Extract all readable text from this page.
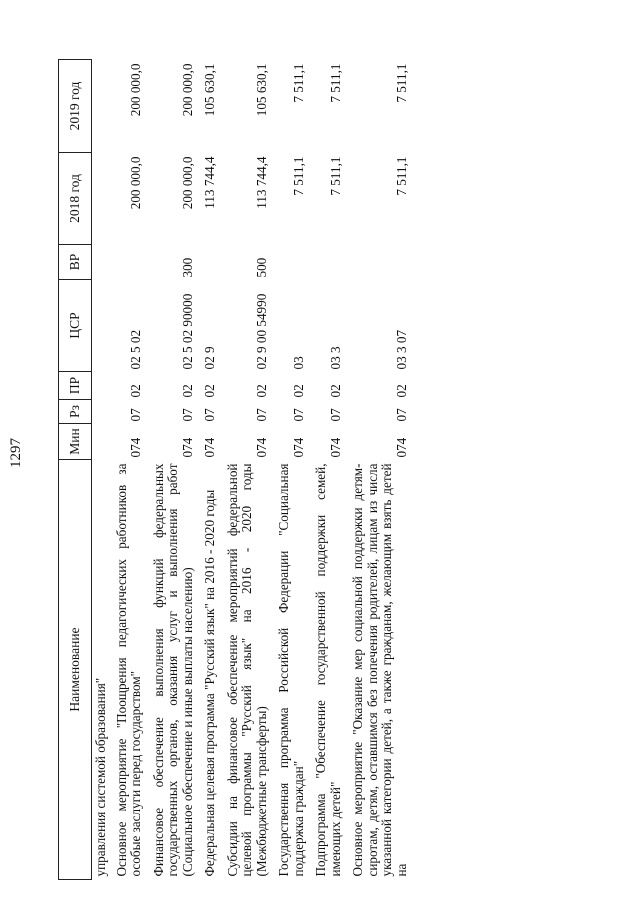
1297
Наименование	Мин	Рз	ПР	ЦСР	ВР	2018 год	2019 год
управления системой образования"							
Основное мероприятие "Поощрения педагогических работников за особые заслуги перед государством"	074	07	02	02 5 02		200 000,0	200 000,0
Финансовое обеспечение выполнения функций федеральных государственных органов, оказания услуг и выполнения работ (Социальное обеспечение и иные выплаты населению)	074	07	02	02 5 02 90000	300	200 000,0	200 000,0
Федеральная целевая программа "Русский язык" на 2016 - 2020 годы	074	07	02	02 9		113 744,4	105 630,1
Субсидии на финансовое обеспечение мероприятий федеральной целевой программы "Русский язык" на 2016 - 2020 годы (Межбюджетные трансферты)	074	07	02	02 9 00 54990	500	113 744,4	105 630,1
Государственная программа Российской Федерации "Социальная поддержка граждан"	074	07	02	03		7 511,1	7 511,1
Подпрограмма "Обеспечение государственной поддержки семей, имеющих детей"	074	07	02	03 3		7 511,1	7 511,1
Основное мероприятие "Оказание мер социальной поддержки детям-сиротам, детям, оставшимся без попечения родителей, лицам из числа указанной категории детей, а также гражданам, желающим взять детей на	074	07	02	03 3 07		7 511,1	7 511,1
